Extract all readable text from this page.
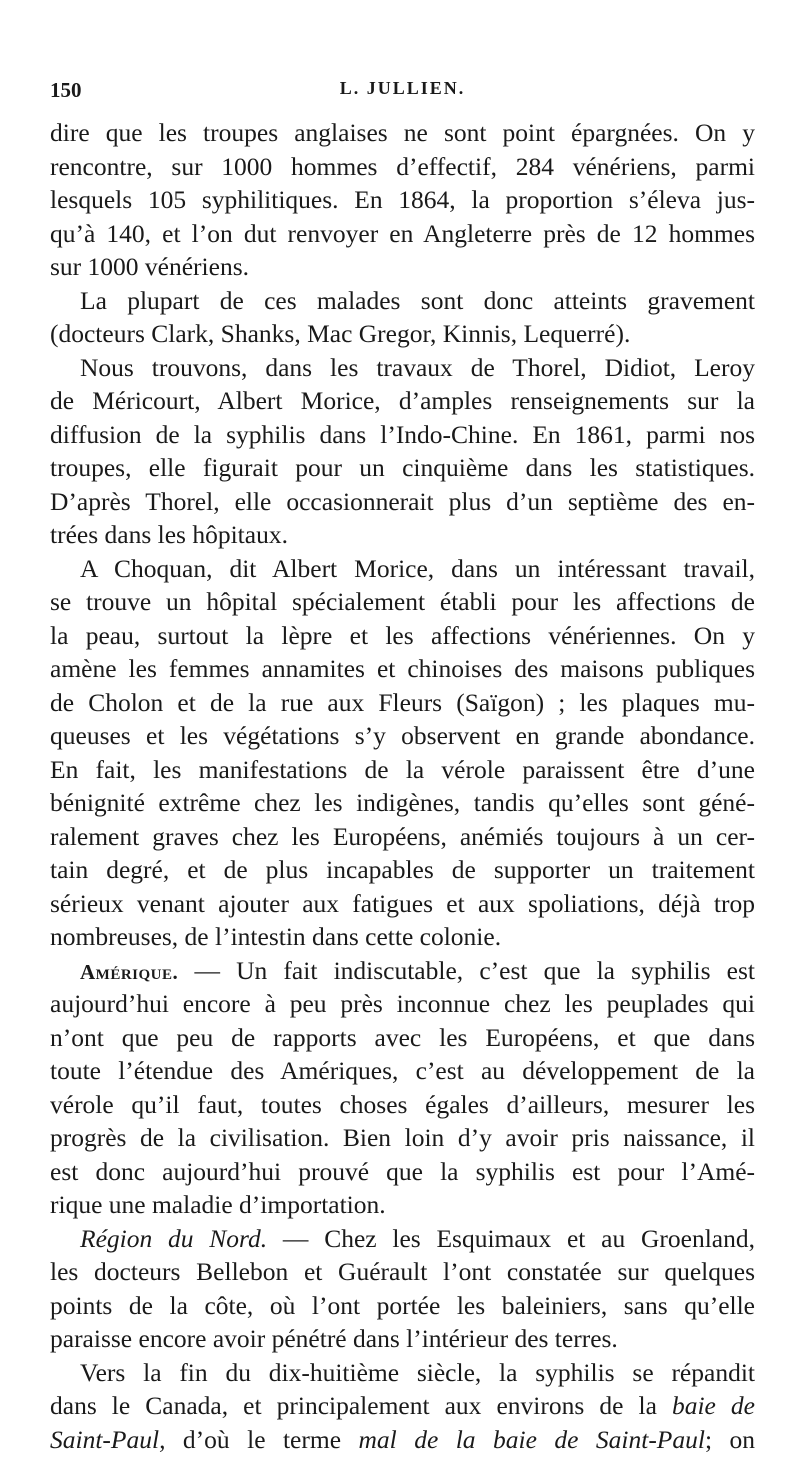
150	L. JULLIEN.
dire que les troupes anglaises ne sont point épargnées. On y
rencontre, sur 1000 hommes d’effectif, 284 vénériens, parmi
lesquels 105 syphilitiques. En 1864, la proportion s’éleva jus-
qu’à 140, et l’on dut renvoyer en Angleterre près de 12 hommes
sur 1000 vénériens.
La plupart de ces malades sont donc atteints gravement
(docteurs Clark, Shanks, Mac Gregor, Kinnis, Lequerré).
Nous trouvons, dans les travaux de Thorel, Didiot, Leroy
de Méricourt, Albert Morice, d’amples renseignements sur la
diffusion de la syphilis dans l’Indo-Chine. En 1861, parmi nos
troupes, elle figurait pour un cinquième dans les statistiques.
D’après Thorel, elle occasionnerait plus d’un septième des en-
trées dans les hôpitaux.
A Choquan, dit Albert Morice, dans un intéressant travail,
se trouve un hôpital spécialement établi pour les affections de
la peau, surtout la lèpre et les affections vénériennes. On y
amène les femmes annamites et chinoises des maisons publiques
de Cholon et de la rue aux Fleurs (Saïgon) ; les plaques mu-
queuses et les végétations s’y observent en grande abondance.
En fait, les manifestations de la vérole paraissent être d’une
bénignité extrême chez les indigènes, tandis qu’elles sont géné-
ralement graves chez les Européens, anémiés toujours à un cer-
tain degré, et de plus incapables de supporter un traitement
sérieux venant ajouter aux fatigues et aux spoliations, déjà trop
nombreuses, de l’intestin dans cette colonie.
Amérique. — Un fait indiscutable, c’est que la syphilis est
aujourd’hui encore à peu près inconnue chez les peuplades qui
n’ont que peu de rapports avec les Européens, et que dans
toute l’étendue des Amériques, c’est au développement de la
vérole qu’il faut, toutes choses égales d’ailleurs, mesurer les
progrès de la civilisation. Bien loin d’y avoir pris naissance, il
est donc aujourd’hui prouvé que la syphilis est pour l’Amé-
rique une maladie d’importation.
Région du Nord. — Chez les Esquimaux et au Groenland,
les docteurs Bellebon et Guérault l’ont constatée sur quelques
points de la côte, où l’ont portée les baleiniers, sans qu’elle
paraisse encore avoir pénétré dans l’intérieur des terres.
Vers la fin du dix-huitième siècle, la syphilis se répandit
dans le Canada, et principalement aux environs de la baie de
Saint-Paul, d’où le terme mal de la baie de Saint-Paul; on
